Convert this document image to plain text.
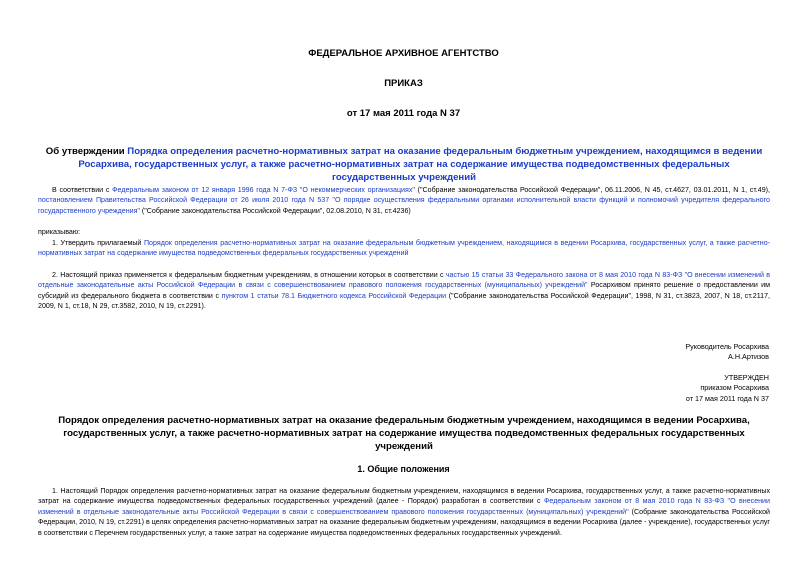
ФЕДЕРАЛЬНОЕ АРХИВНОЕ АГЕНТСТВО
ПРИКАЗ
от 17 мая 2011 года N 37
Об утверждении Порядка определения расчетно-нормативных затрат на оказание федеральным бюджетным учреждением, находящимся в ведении Росархива, государственных услуг, а также расчетно-нормативных затрат на содержание имущества подведомственных федеральных государственных учреждений
В соответствии с Федеральным законом от 12 января 1996 года N 7-ФЗ "О некоммерческих организациях" ("Собрание законодательства Российской Федерации", 06.11.2006, N 45, ст.4627, 03.01.2011, N 1, ст.49), постановлением Правительства Российской Федерации от 26 июля 2010 года N 537 "О порядке осуществления федеральными органами исполнительной власти функций и полномочий учредителя федерального государственного учреждения" ("Собрание законодательства Российской Федерации", 02.08.2010, N 31, ст.4236)
приказываю:
1. Утвердить прилагаемый Порядок определения расчетно-нормативных затрат на оказание федеральным бюджетным учреждением, находящимся в ведении Росархива, государственных услуг, а также расчетно-нормативных затрат на содержание имущества подведомственных федеральных государственных учреждений
2. Настоящий приказ применяется к федеральным бюджетным учреждениям, в отношении которых в соответствии с частью 15 статьи 33 Федерального закона от 8 мая 2010 года N 83-ФЗ "О внесении изменений в отдельные законодательные акты Российской Федерации в связи с совершенствованием правового положения государственных (муниципальных) учреждений" Росархивом принято решение о предоставлении им субсидий из федерального бюджета в соответствии с пунктом 1 статьи 78.1 Бюджетного кодекса Российской Федерации ("Собрание законодательства Российской Федерации", 1998, N 31, ст.3823, 2007, N 18, ст.2117, 2009, N 1, ст.18, N 29, ст.3582, 2010, N 19, ст.2291).
Руководитель Росархива
А.Н.Артизов
УТВЕРЖДЕН
приказом Росархива
от 17 мая 2011 года N 37
Порядок определения расчетно-нормативных затрат на оказание федеральным бюджетным учреждением, находящимся в ведении Росархива, государственных услуг, а также расчетно-нормативных затрат на содержание имущества подведомственных федеральных государственных учреждений
1. Общие положения
1. Настоящий Порядок определения расчетно-нормативных затрат на оказание федеральным бюджетным учреждением, находящимся в ведении Росархива, государственных услуг, а также расчетно-нормативных затрат на содержание имущества подведомственных федеральных государственных учреждений (далее - Порядок) разработан в соответствии с Федеральным законом от 8 мая 2010 года N 83-ФЗ "О внесении изменений в отдельные законодательные акты Российской Федерации в связи с совершенствованием правового положения государственных (муниципальных) учреждений" (Собрание законодательства Российской Федерации, 2010, N 19, ст.2291) в целях определения расчетно-нормативных затрат на оказание федеральным бюджетным учреждениям, находящимся в ведении Росархива (далее - учреждение), государственных услуг в соответствии с Перечнем государственных услуг, а также затрат на содержание имущества подведомственных федеральных государственных учреждений.
